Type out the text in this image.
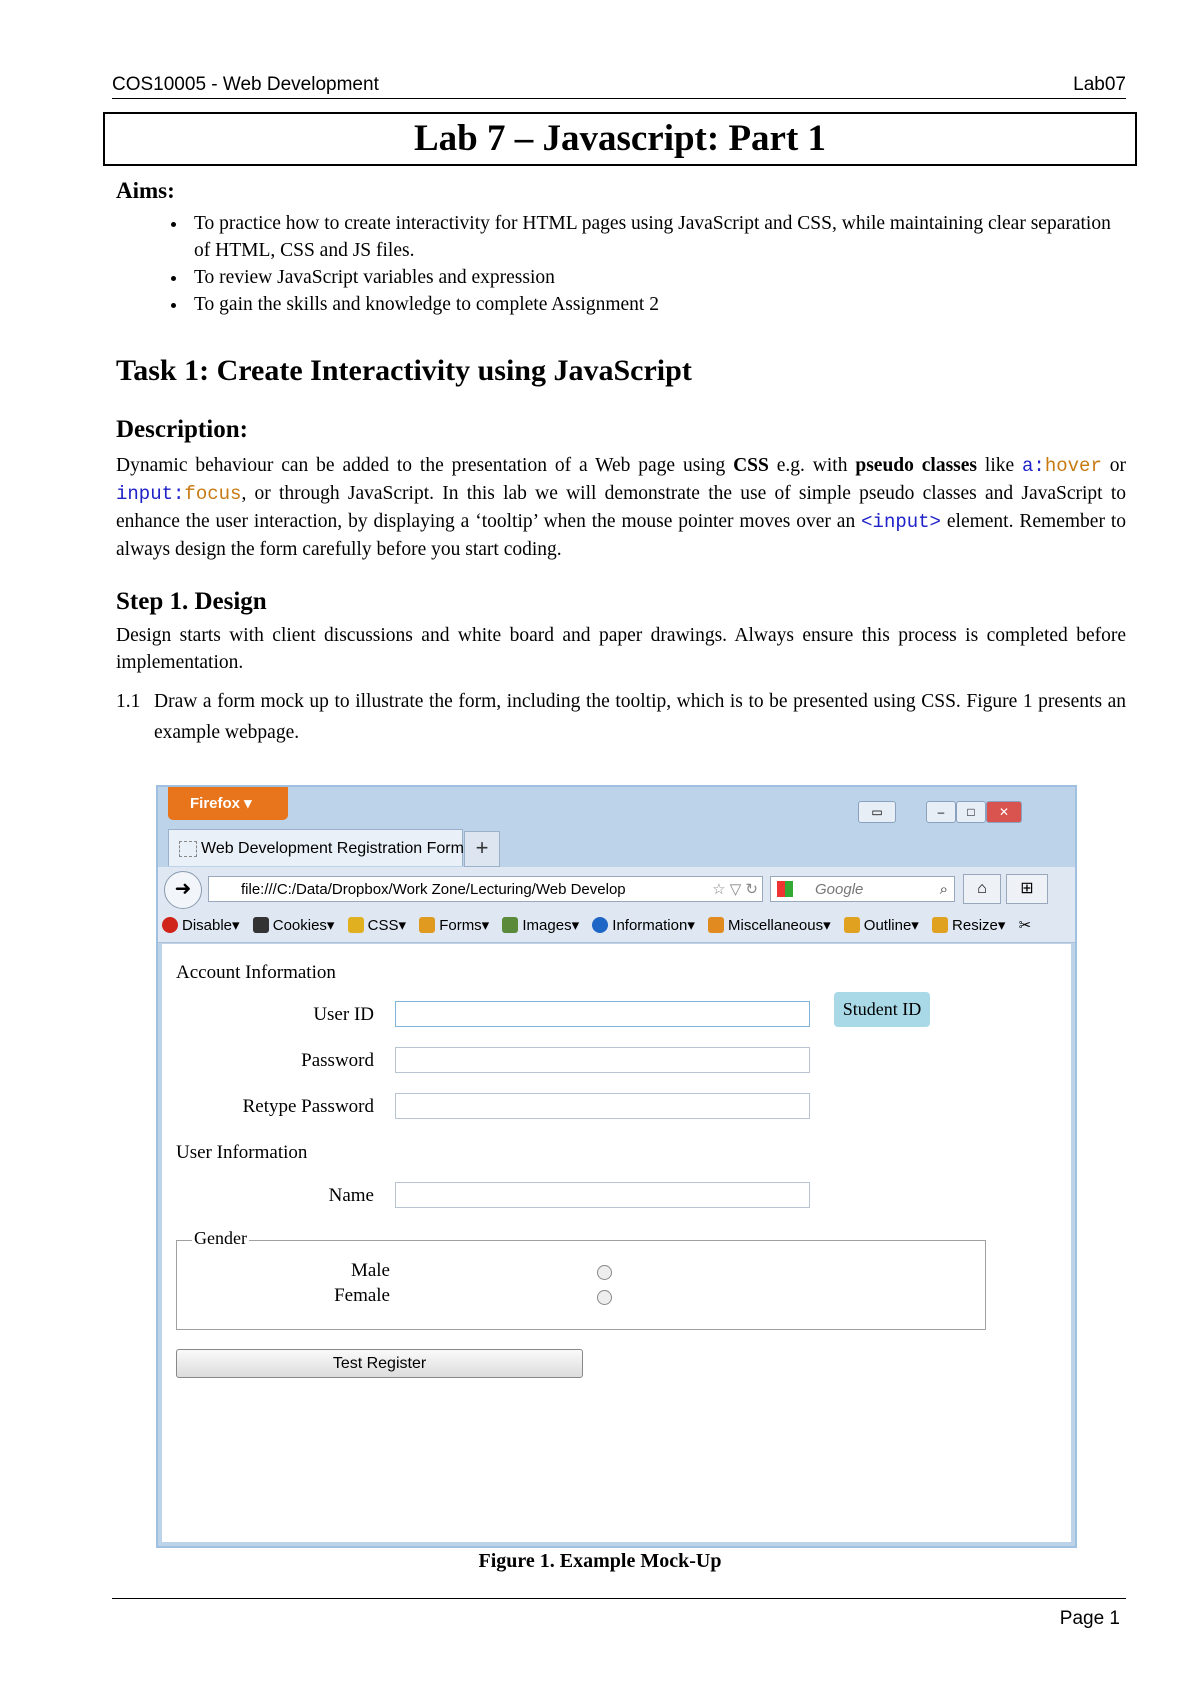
COS10005 - Web Development	Lab07
Lab 7 – Javascript: Part 1
Aims:
• To practice how to create interactivity for HTML pages using JavaScript and CSS, while maintaining clear separation of HTML, CSS and JS files.
• To review JavaScript variables and expression
• To gain the skills and knowledge to complete Assignment 2
Task 1: Create Interactivity using JavaScript
Description:

Dynamic behaviour can be added to the presentation of a Web page using CSS e.g. with pseudo classes like a:hover or input:focus, or through JavaScript. In this lab we will demonstrate the use of simple pseudo classes and JavaScript to enhance the user interaction, by displaying a ‘tooltip’ when the mouse pointer moves over an <input> element. Remember to always design the form carefully before you start coding.

Step 1. Design

Design starts with client discussions and white board and paper drawings. Always ensure this process is completed before implementation.

1.1 Draw a form mock up to illustrate the form, including the tooltip, which is to be presented using CSS. Figure 1 presents an example webpage.
Firefox ▾	▭	–	□	✕
Web Development Registration Form +
➜	file:///C:/Data/Dropbox/Work Zone/Lecturing/Web Develop	☆ ▽ ↻	Google	⌕	⌂	⊞
Disable▾ Cookies▾ CSS▾ Forms▾ Images▾ Information▾ Miscellaneous▾ Outline▾ Resize▾ ✂
Account Information
User ID	Student ID
Password
Retype Password
User Information
Name
Gender
Male
Female
Test Register
Figure 1. Example Mock-Up
Page 1
